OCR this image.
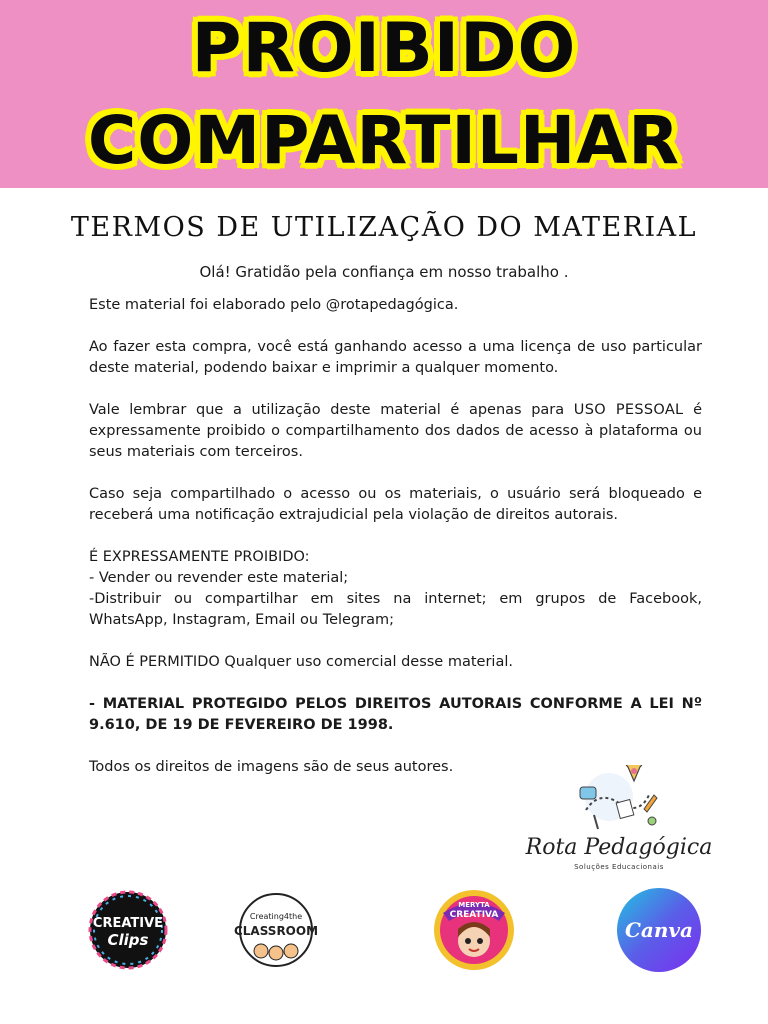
PROIBIDO
COMPARTILHAR
TERMOS DE UTILIZAÇÃO DO MATERIAL
Olá! Gratidão pela confiança em nosso trabalho .

Este material foi elaborado pelo @rotapedagógica.

Ao fazer esta compra, você está ganhando acesso a uma licença de uso particular deste material, podendo baixar e imprimir a qualquer momento.

Vale lembrar que a utilização deste material é apenas para USO PESSOAL é expressamente proibido o compartilhamento dos dados de acesso à plataforma ou seus materiais com terceiros.

Caso seja compartilhado o acesso ou os materiais, o usuário será bloqueado e receberá uma notificação extrajudicial pela violação de direitos autorais.

É EXPRESSAMENTE PROIBIDO:

- Vender ou revender este material;

-Distribuir ou compartilhar em sites na internet; em grupos de Facebook, WhatsApp, Instagram, Email ou Telegram;

NÃO É PERMITIDO Qualquer uso comercial desse material.

- MATERIAL PROTEGIDO PELOS DIREITOS AUTORAIS CONFORME A LEI Nº 9.610, DE 19 DE FEVEREIRO DE 1998.

Todos os direitos de imagens são de seus autores.

Rota Pedagógica
Soluções Educacionais
CREATIVE
Clips
Creating4the
CLASSROOM
MERYTA
CREATIVA
Canva
